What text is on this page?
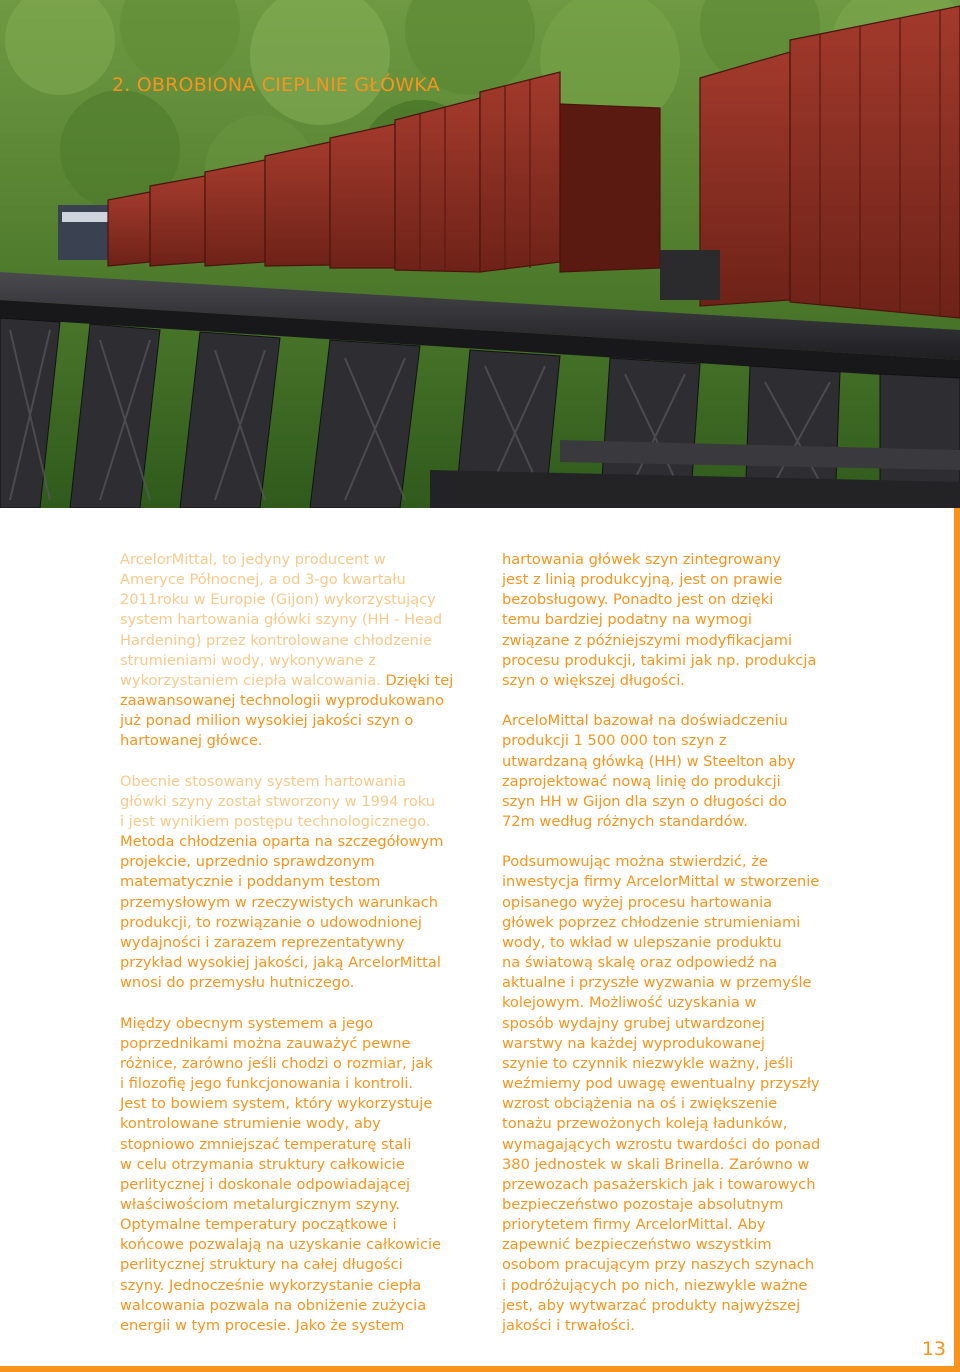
2. OBROBIONA CIEPLNIE GŁÓWKA

ArcelorMittal, to jedyny producent w
Ameryce Północnej, a od 3-go kwartału
2011roku w Europie (Gijon) wykorzystujący
system hartowania główki szyny (HH - Head
Hardening) przez kontrolowane chłodzenie
strumieniami wody, wykonywane z
wykorzystaniem ciepła walcowania. Dzięki tej
zaawansowanej technologii wyprodukowano
już ponad milion wysokiej jakości szyn o
hartowanej główce.

Obecnie stosowany system hartowania
główki szyny został stworzony w 1994 roku
i jest wynikiem postępu technologicznego.
Metoda chłodzenia oparta na szczegółowym
projekcie, uprzednio sprawdzonym
matematycznie i poddanym testom
przemysłowym w rzeczywistych warunkach
produkcji, to rozwiązanie o udowodnionej
wydajności i zarazem reprezentatywny
przykład wysokiej jakości, jaką ArcelorMittal
wnosi do przemysłu hutniczego.

Między obecnym systemem a jego
poprzednikami można zauważyć pewne
różnice, zarówno jeśli chodzi o rozmiar, jak
i filozofię jego funkcjonowania i kontroli.
Jest to bowiem system, który wykorzystuje
kontrolowane strumienie wody, aby
stopniowo zmniejszać temperaturę stali
w celu otrzymania struktury całkowicie
perlitycznej i doskonale odpowiadającej
właściwościom metalurgicznym szyny.
Optymalne temperatury początkowe i
końcowe pozwalają na uzyskanie całkowicie
perlitycznej struktury na całej długości
szyny. Jednocześnie wykorzystanie ciepła
walcowania pozwala na obniżenie zużycia
energii w tym procesie. Jako że system

hartowania główek szyn zintegrowany
jest z linią produkcyjną, jest on prawie
bezobsługowy. Ponadto jest on dzięki
temu bardziej podatny na wymogi
związane z późniejszymi modyfikacjami
procesu produkcji, takimi jak np. produkcja
szyn o większej długości.

ArceloMittal bazował na doświadczeniu
produkcji 1 500 000 ton szyn z
utwardzaną główką (HH) w Steelton aby
zaprojektować nową linię do produkcji
szyn HH w Gijon dla szyn o długości do
72m według różnych standardów.

Podsumowując można stwierdzić, że
inwestycja firmy ArcelorMittal w stworzenie
opisanego wyżej procesu hartowania
główek poprzez chłodzenie strumieniami
wody, to wkład w ulepszanie produktu
na światową skalę oraz odpowiedź na
aktualne i przyszłe wyzwania w przemyśle
kolejowym. Możliwość uzyskania w
sposób wydajny grubej utwardzonej
warstwy na każdej wyprodukowanej
szynie to czynnik niezwykle ważny, jeśli
weźmiemy pod uwagę ewentualny przyszły
wzrost obciążenia na oś i zwiększenie
tonażu przewożonych koleją ładunków,
wymagających wzrostu twardości do ponad
380 jednostek w skali Brinella. Zarówno w
przewozach pasażerskich jak i towarowych
bezpieczeństwo pozostaje absolutnym
priorytetem firmy ArcelorMittal. Aby
zapewnić bezpieczeństwo wszystkim
osobom pracującym przy naszych szynach
i podróżujących po nich, niezwykle ważne
jest, aby wytwarzać produkty najwyższej
jakości i trwałości.

13
